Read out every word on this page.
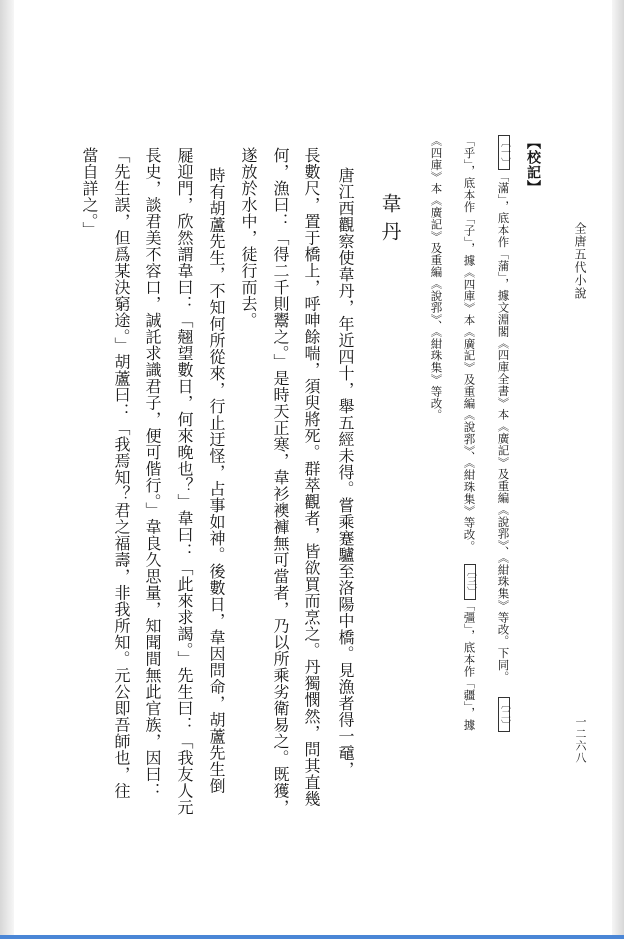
全唐五代小說
一二六八
【校記】
〔一〕「滿」，底本作「蒲」，據文淵閣《四庫全書》本《廣記》及重編《說郛》、《紺珠集》等改。下同。〔二〕
「乎」，底本作「子」，據《四庫》本《廣記》及重編《說郛》、《紺珠集》等改。〔三〕「彊」，底本作「疆」，據
《四庫》本《廣記》及重編《說郛》、《紺珠集》等改。
韋丹
唐江西觀察使韋丹，年近四十，舉五經未得。嘗乘蹇驢至洛陽中橋。見漁者得一黿，
長數尺，置于橋上，呼呻餘喘，須臾將死。群萃觀者，皆欲買而烹之。丹獨憫然，問其直幾
何，漁曰：「得二千則鬻之。」是時天正寒，韋衫襖褲無可當者，乃以所乘劣衛易之。既獲，
遂放於水中，徒行而去。
時有胡蘆先生，不知何所從來，行止迂怪，占事如神。後數日，韋因問命，胡蘆先生倒
屣迎門，欣然謂韋曰：「翹望數日，何來晚也？」韋曰：「此來求謁。」先生曰：「我友人元
長史，談君美不容口，誠託求識君子，便可偕行。」韋良久思量，知聞間無此官族，因曰：
「先生誤，但爲某決窮途。」胡蘆曰：「我焉知？君之福壽，非我所知。元公即吾師也，往
當自詳之。」
